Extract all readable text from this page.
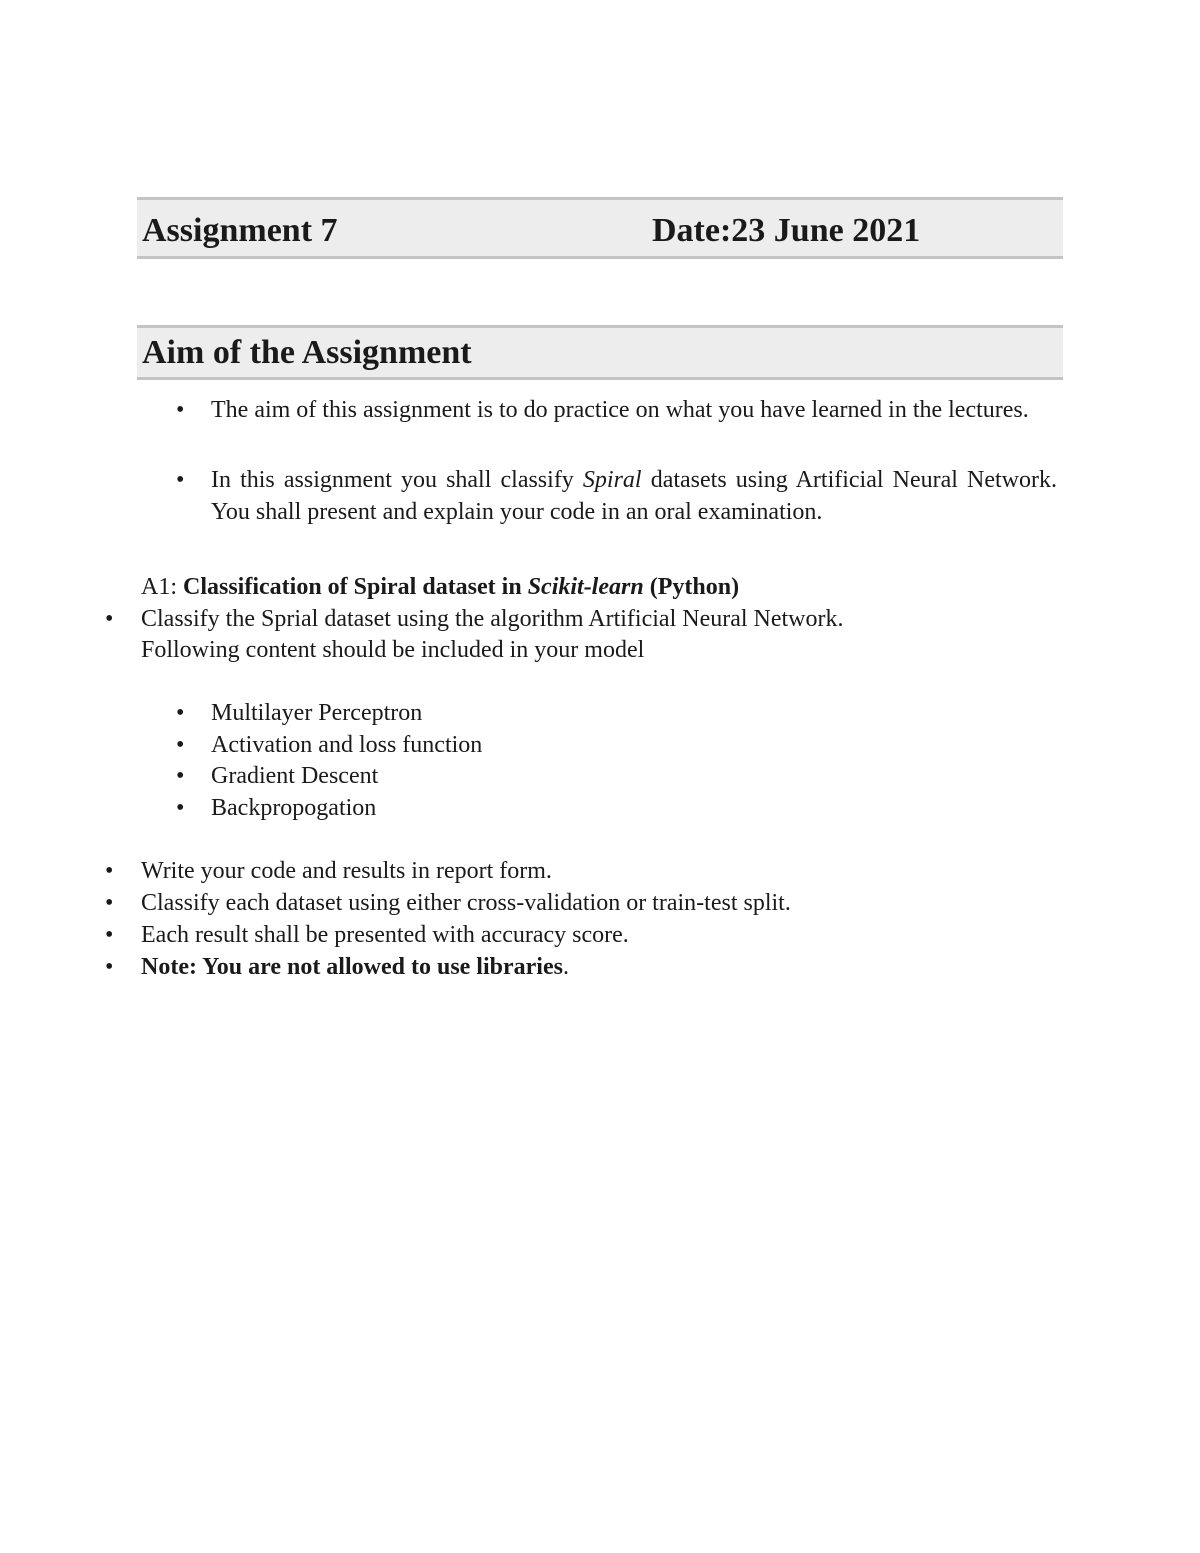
Assignment 7	Date:23 June 2021
Aim of the Assignment
• The aim of this assignment is to do practice on what you have learned in the lectures.
• In this assignment you shall classify Spiral datasets using Artificial Neural Network. You shall present and explain your code in an oral examination.
A1: Classification of Spiral dataset in Scikit-learn (Python)
• Classify the Sprial dataset using the algorithm Artificial Neural Network.
Following content should be included in your model
• Multilayer Perceptron
• Activation and loss function
• Gradient Descent
• Backpropogation
• Write your code and results in report form.
• Classify each dataset using either cross-validation or train-test split.
• Each result shall be presented with accuracy score.
• Note: You are not allowed to use libraries.
